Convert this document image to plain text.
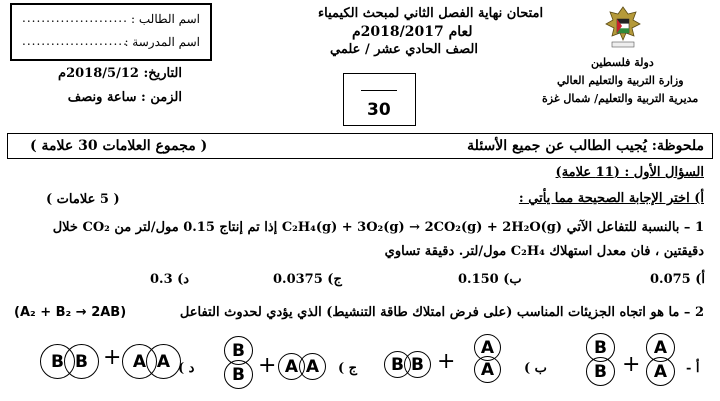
اسم الطالب :
......................
اسم المدرسة :
......................
التاريخ: 2018/5/12م
الزمن : ساعة ونصف
امتحان نهاية الفصل الثاني لمبحث الكيمياء
لعام 2018/2017م
الصف الحادي عشر / علمي
30
دولة فلسطين
وزارة التربية والتعليم العالي
مديرية التربية والتعليم/ شمال غزة
ملحوظة: يُجيب الطالب عن جميع الأسئلة
( مجموع العلامات 30 علامة )
السؤال الأول : (11 علامة)
أ) اختر الإجابة الصحيحة مما يأتي :
( 5 علامات )
1 – بالنسبة للتفاعل الآتي C₂H₄(g) + 3O₂(g) → 2CO₂(g) + 2H₂O(g) إذا تم إنتاج 0.15 مول/لتر من CO₂ خلال
دقيقتين ، فان معدل استهلاك C₂H₄ مول/لتر. دقيقة تساوي
أ) 0.075
ب) 0.150
ج) 0.0375
د) 0.3
2 – ما هو اتجاه الجزيئات المناسب (على فرض امتلاك طاقة التنشيط) الذي يؤدي لحدوث التفاعل
(A₂ + B₂ → 2AB)
أ -
ب )
ج )
د )
B
B +
A
A
B B +
A
A
B
B + A A
B B + A A
